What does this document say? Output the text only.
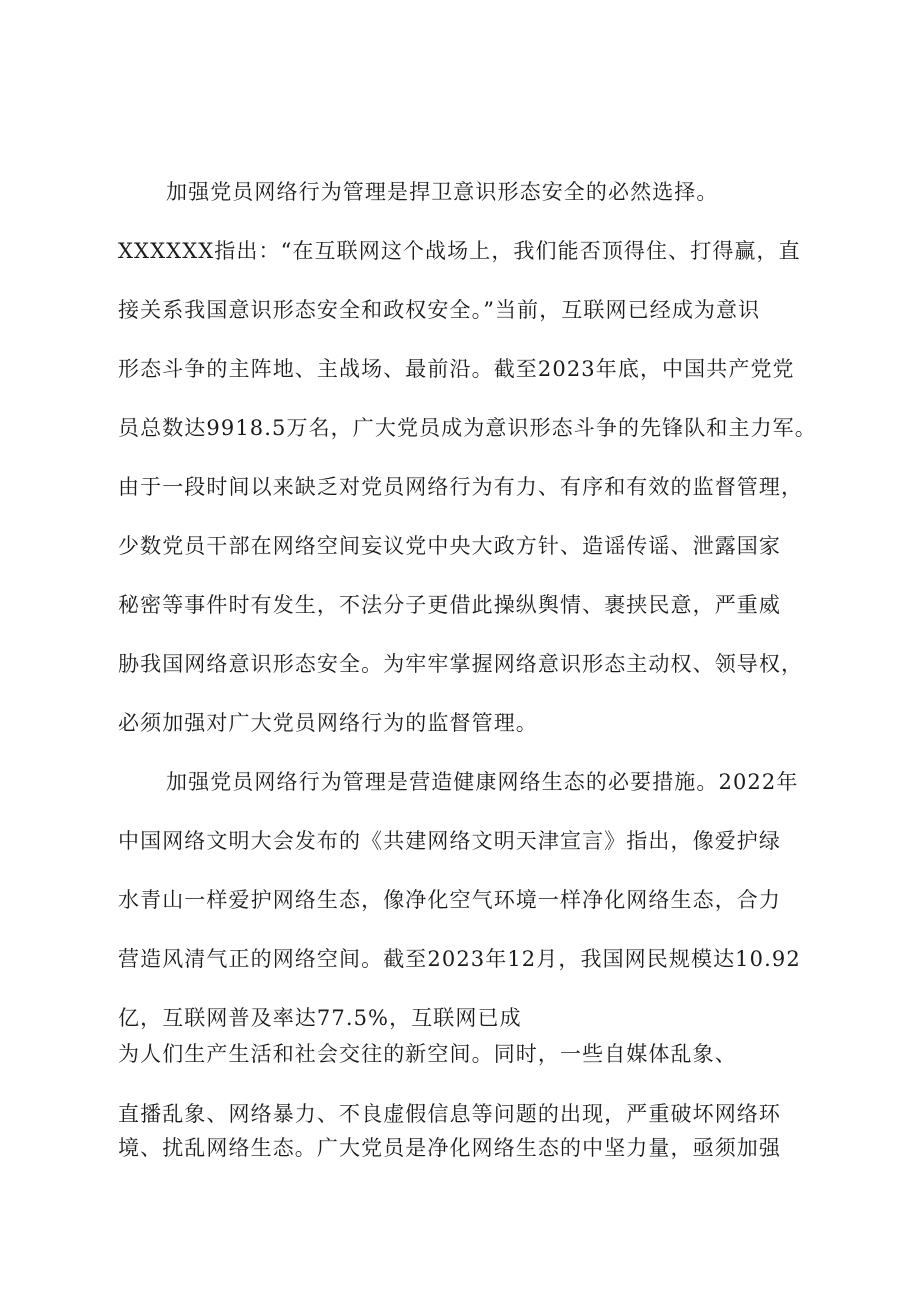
加强党员网络行为管理是捍卫意识形态安全的必然选择。
XXXXXX指出：“在互联网这个战场上，我们能否顶得住、打得赢，直
接关系我国意识形态安全和政权安全。”当前，互联网已经成为意识
形态斗争的主阵地、主战场、最前沿。截至2023年底，中国共产党党
员总数达9918.5万名，广大党员成为意识形态斗争的先锋队和主力军。
由于一段时间以来缺乏对党员网络行为有力、有序和有效的监督管理，
少数党员干部在网络空间妄议党中央大政方针、造谣传谣、泄露国家
秘密等事件时有发生，不法分子更借此操纵舆情、裹挟民意，严重威
胁我国网络意识形态安全。为牢牢掌握网络意识形态主动权、领导权，
必须加强对广大党员网络行为的监督管理。
加强党员网络行为管理是营造健康网络生态的必要措施。2022年
中国网络文明大会发布的《共建网络文明天津宣言》指出，像爱护绿
水青山一样爱护网络生态，像净化空气环境一样净化网络生态，合力
营造风清气正的网络空间。截至2023年12月，我国网民规模达10.92
亿，互联网普及率达77.5%，互联网已成
为人们生产生活和社会交往的新空间。同时，一些自媒体乱象、
直播乱象、网络暴力、不良虚假信息等问题的出现，严重破坏网络环
境、扰乱网络生态。广大党员是净化网络生态的中坚力量，亟须加强
